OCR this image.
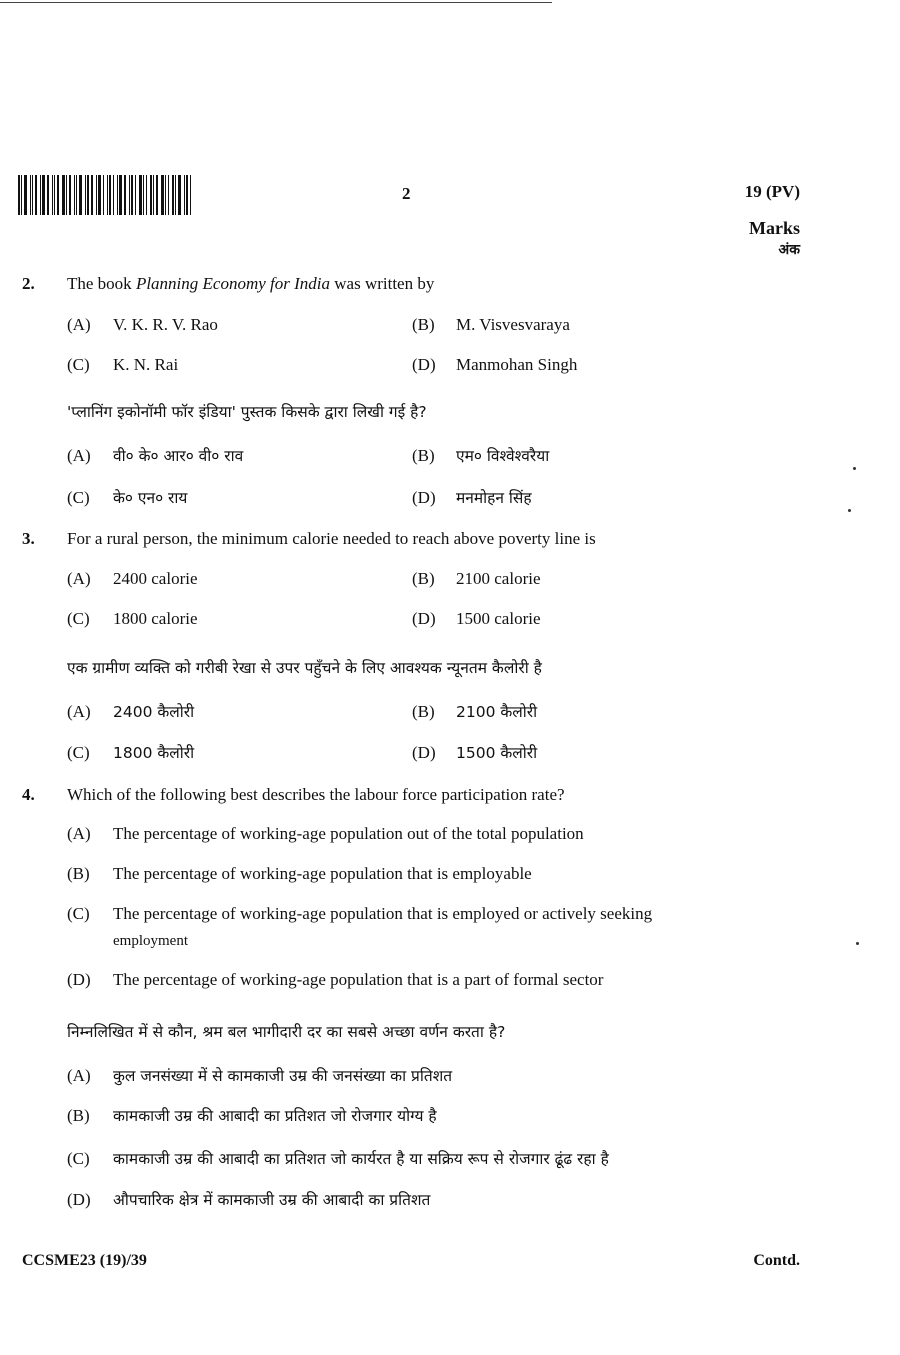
2	19 (PV)
Marks
अंक
2. The book Planning Economy for India was written by
(A) V. K. R. V. Rao	(B) M. Visvesvaraya
(C) K. N. Rai	(D) Manmohan Singh
'प्लानिंग इकोनॉमी फॉर इंडिया' पुस्तक किसके द्वारा लिखी गई है?
(A) वी० के० आर० वी० राव	(B) एम० विश्वेश्वरैया
(C) के० एन० राय	(D) मनमोहन सिंह
3. For a rural person, the minimum calorie needed to reach above poverty line is
(A) 2400 calorie	(B) 2100 calorie
(C) 1800 calorie	(D) 1500 calorie
एक ग्रामीण व्यक्ति को गरीबी रेखा से उपर पहुँचने के लिए आवश्यक न्यूनतम कैलोरी है
(A) 2400 कैलोरी	(B) 2100 कैलोरी
(C) 1800 कैलोरी	(D) 1500 कैलोरी
4. Which of the following best describes the labour force participation rate?
(A) The percentage of working-age population out of the total population
(B) The percentage of working-age population that is employable
(C)	The percentage of working-age population that is employed or actively seeking
employment
(D) The percentage of working-age population that is a part of formal sector
निम्नलिखित में से कौन, श्रम बल भागीदारी दर का सबसे अच्छा वर्णन करता है?
(A) कुल जनसंख्या में से कामकाजी उम्र की जनसंख्या का प्रतिशत
(B) कामकाजी उम्र की आबादी का प्रतिशत जो रोजगार योग्य है
(C) कामकाजी उम्र की आबादी का प्रतिशत जो कार्यरत है या सक्रिय रूप से रोजगार ढूंढ रहा है
(D) औपचारिक क्षेत्र में कामकाजी उम्र की आबादी का प्रतिशत
CCSME23 (19)/39	Contd.
